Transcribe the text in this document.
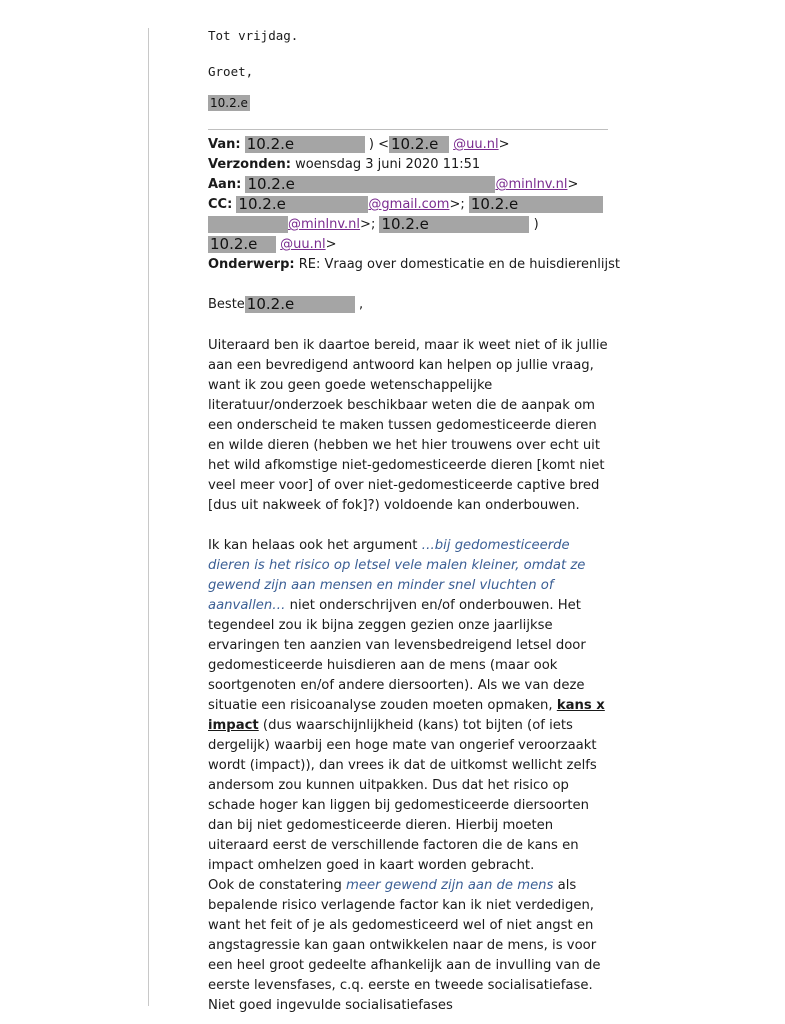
Tot vrijdag.
Groet,
10.2.e
Van: 10.2.e	) < 10.2.e @uu.nl>
Verzonden: woensdag 3 juni 2020 11:51
Aan: 10.2.e	@minlnv.nl>
CC: 10.2.e	@gmail.com>; 10.2.e
@minlnv.nl>; 10.2.e	)
10.2.e @uu.nl>
Onderwerp: RE: Vraag over domesticatie en de huisdierenlijst
Beste 10.2.e	,

Uiteraard ben ik daartoe bereid, maar ik weet niet of ik jullie aan een bevredigend antwoord kan helpen op jullie vraag, want ik zou geen goede wetenschappelijke literatuur/onderzoek beschikbaar weten die de aanpak om een onderscheid te maken tussen gedomesticeerde dieren en wilde dieren (hebben we het hier trouwens over echt uit het wild afkomstige niet-gedomesticeerde dieren [komt niet veel meer voor] of over niet-gedomesticeerde captive bred [dus uit nakweek of fok]?) voldoende kan onderbouwen.

Ik kan helaas ook het argument …bij gedomesticeerde dieren is het risico op letsel vele malen kleiner, omdat ze gewend zijn aan mensen en minder snel vluchten of aanvallen… niet onderschrijven en/of onderbouwen. Het tegendeel zou ik bijna zeggen gezien onze jaarlijkse ervaringen ten aanzien van levensbedreigend letsel door gedomesticeerde huisdieren aan de mens (maar ook soortgenoten en/of andere diersoorten). Als we van deze situatie een risicoanalyse zouden moeten opmaken, kans x impact (dus waarschijnlijkheid (kans) tot bijten (of iets dergelijk) waarbij een hoge mate van ongerief veroorzaakt wordt (impact)), dan vrees ik dat de uitkomst wellicht zelfs andersom zou kunnen uitpakken. Dus dat het risico op schade hoger kan liggen bij gedomesticeerde diersoorten dan bij niet gedomesticeerde dieren. Hierbij moeten uiteraard eerst de verschillende factoren die de kans en impact omhelzen goed in kaart worden gebracht.

Ook de constatering meer gewend zijn aan de mens als bepalende risico verlagende factor kan ik niet verdedigen, want het feit of je als gedomesticeerd wel of niet angst en angstagressie kan gaan ontwikkelen naar de mens, is voor een heel groot gedeelte afhankelijk aan de invulling van de eerste levensfases, c.q. eerste en tweede socialisatiefase. Niet goed ingevulde socialisatiefases
